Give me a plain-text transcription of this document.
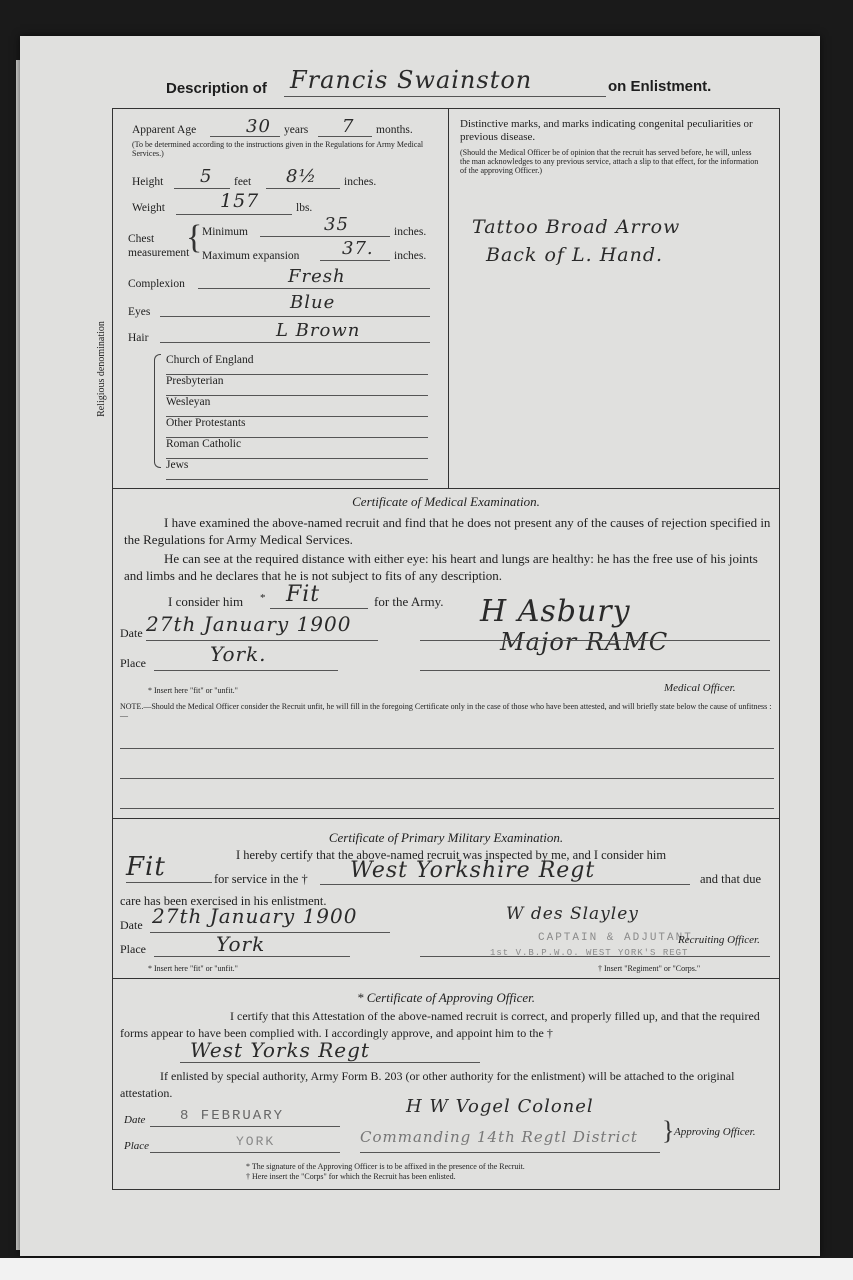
Description of Francis Swainston	on Enlistment.
Apparent Age	30 years 7 months.
(To be determined according to the instructions given in the Regulations for Army Medical Services.)
Height 5 feet 8½ inches.
Weight	157	lbs.
Chest measurement
{ Minimum	35	inches.
Maximum expansion 37. inches.
Complexion	Fresh
Eyes	Blue
Hair	L Brown
Religious denomination	Church of England
Presbyterian
Wesleyan
Other Protestants
Roman Catholic
Jews
Distinctive marks, and marks indicating congenital peculiarities or previous disease.
(Should the Medical Officer be of opinion that the recruit has served before, he will, unless the man acknowledges to any previous service, attach a slip to that effect, for the information of the approving Officer.)
Tattoo Broad Arrow
Back of L. Hand.
Certificate of Medical Examination.
I have examined the above-named recruit and find that he does not present any of the causes of rejection specified in the Regulations for Army Medical Services.
He can see at the required distance with either eye: his heart and lungs are healthy: he has the free use of his joints and limbs and he declares that he is not subject to fits of any description.
I consider him * Fit	for the Army. H Asbury
Major RAMC
Date 27th January 1900
Place	York.
* Insert here "fit" or "unfit."	Medical Officer.
NOTE.—Should the Medical Officer consider the Recruit unfit, he will fill in the foregoing Certificate only in the case of those who have been attested, and will briefly state below the cause of unfitness :—
Certificate of Primary Military Examination.
Fit	I hereby certify that the above-named recruit was inspected by me, and I consider him
for service in the † West Yorkshire Regt	and that due
care has been exercised in his enlistment.
Date 27th January 1900
Place	York
W des Slayley
CAPTAIN & ADJUTANT
1st V.B.P.W.O. WEST YORK'S REGT
Recruiting Officer.
* Insert here "fit" or "unfit."	† Insert "Regiment" or "Corps."
* Certificate of Approving Officer.
I certify that this Attestation of the above-named recruit is correct, and properly filled up, and that the required forms appear to have been complied with. I accordingly approve, and appoint him to the †
West Yorks Regt
If enlisted by special authority, Army Form B. 203 (or other authority for the enlistment) will be attached to the original attestation.
Date 8 FEBRUARY
Place	YORK
H W Vogel Colonel
Commanding 14th Regtl District } Approving Officer.
* The signature of the Approving Officer is to be affixed in the presence of the Recruit.
† Here insert the "Corps" for which the Recruit has been enlisted.
